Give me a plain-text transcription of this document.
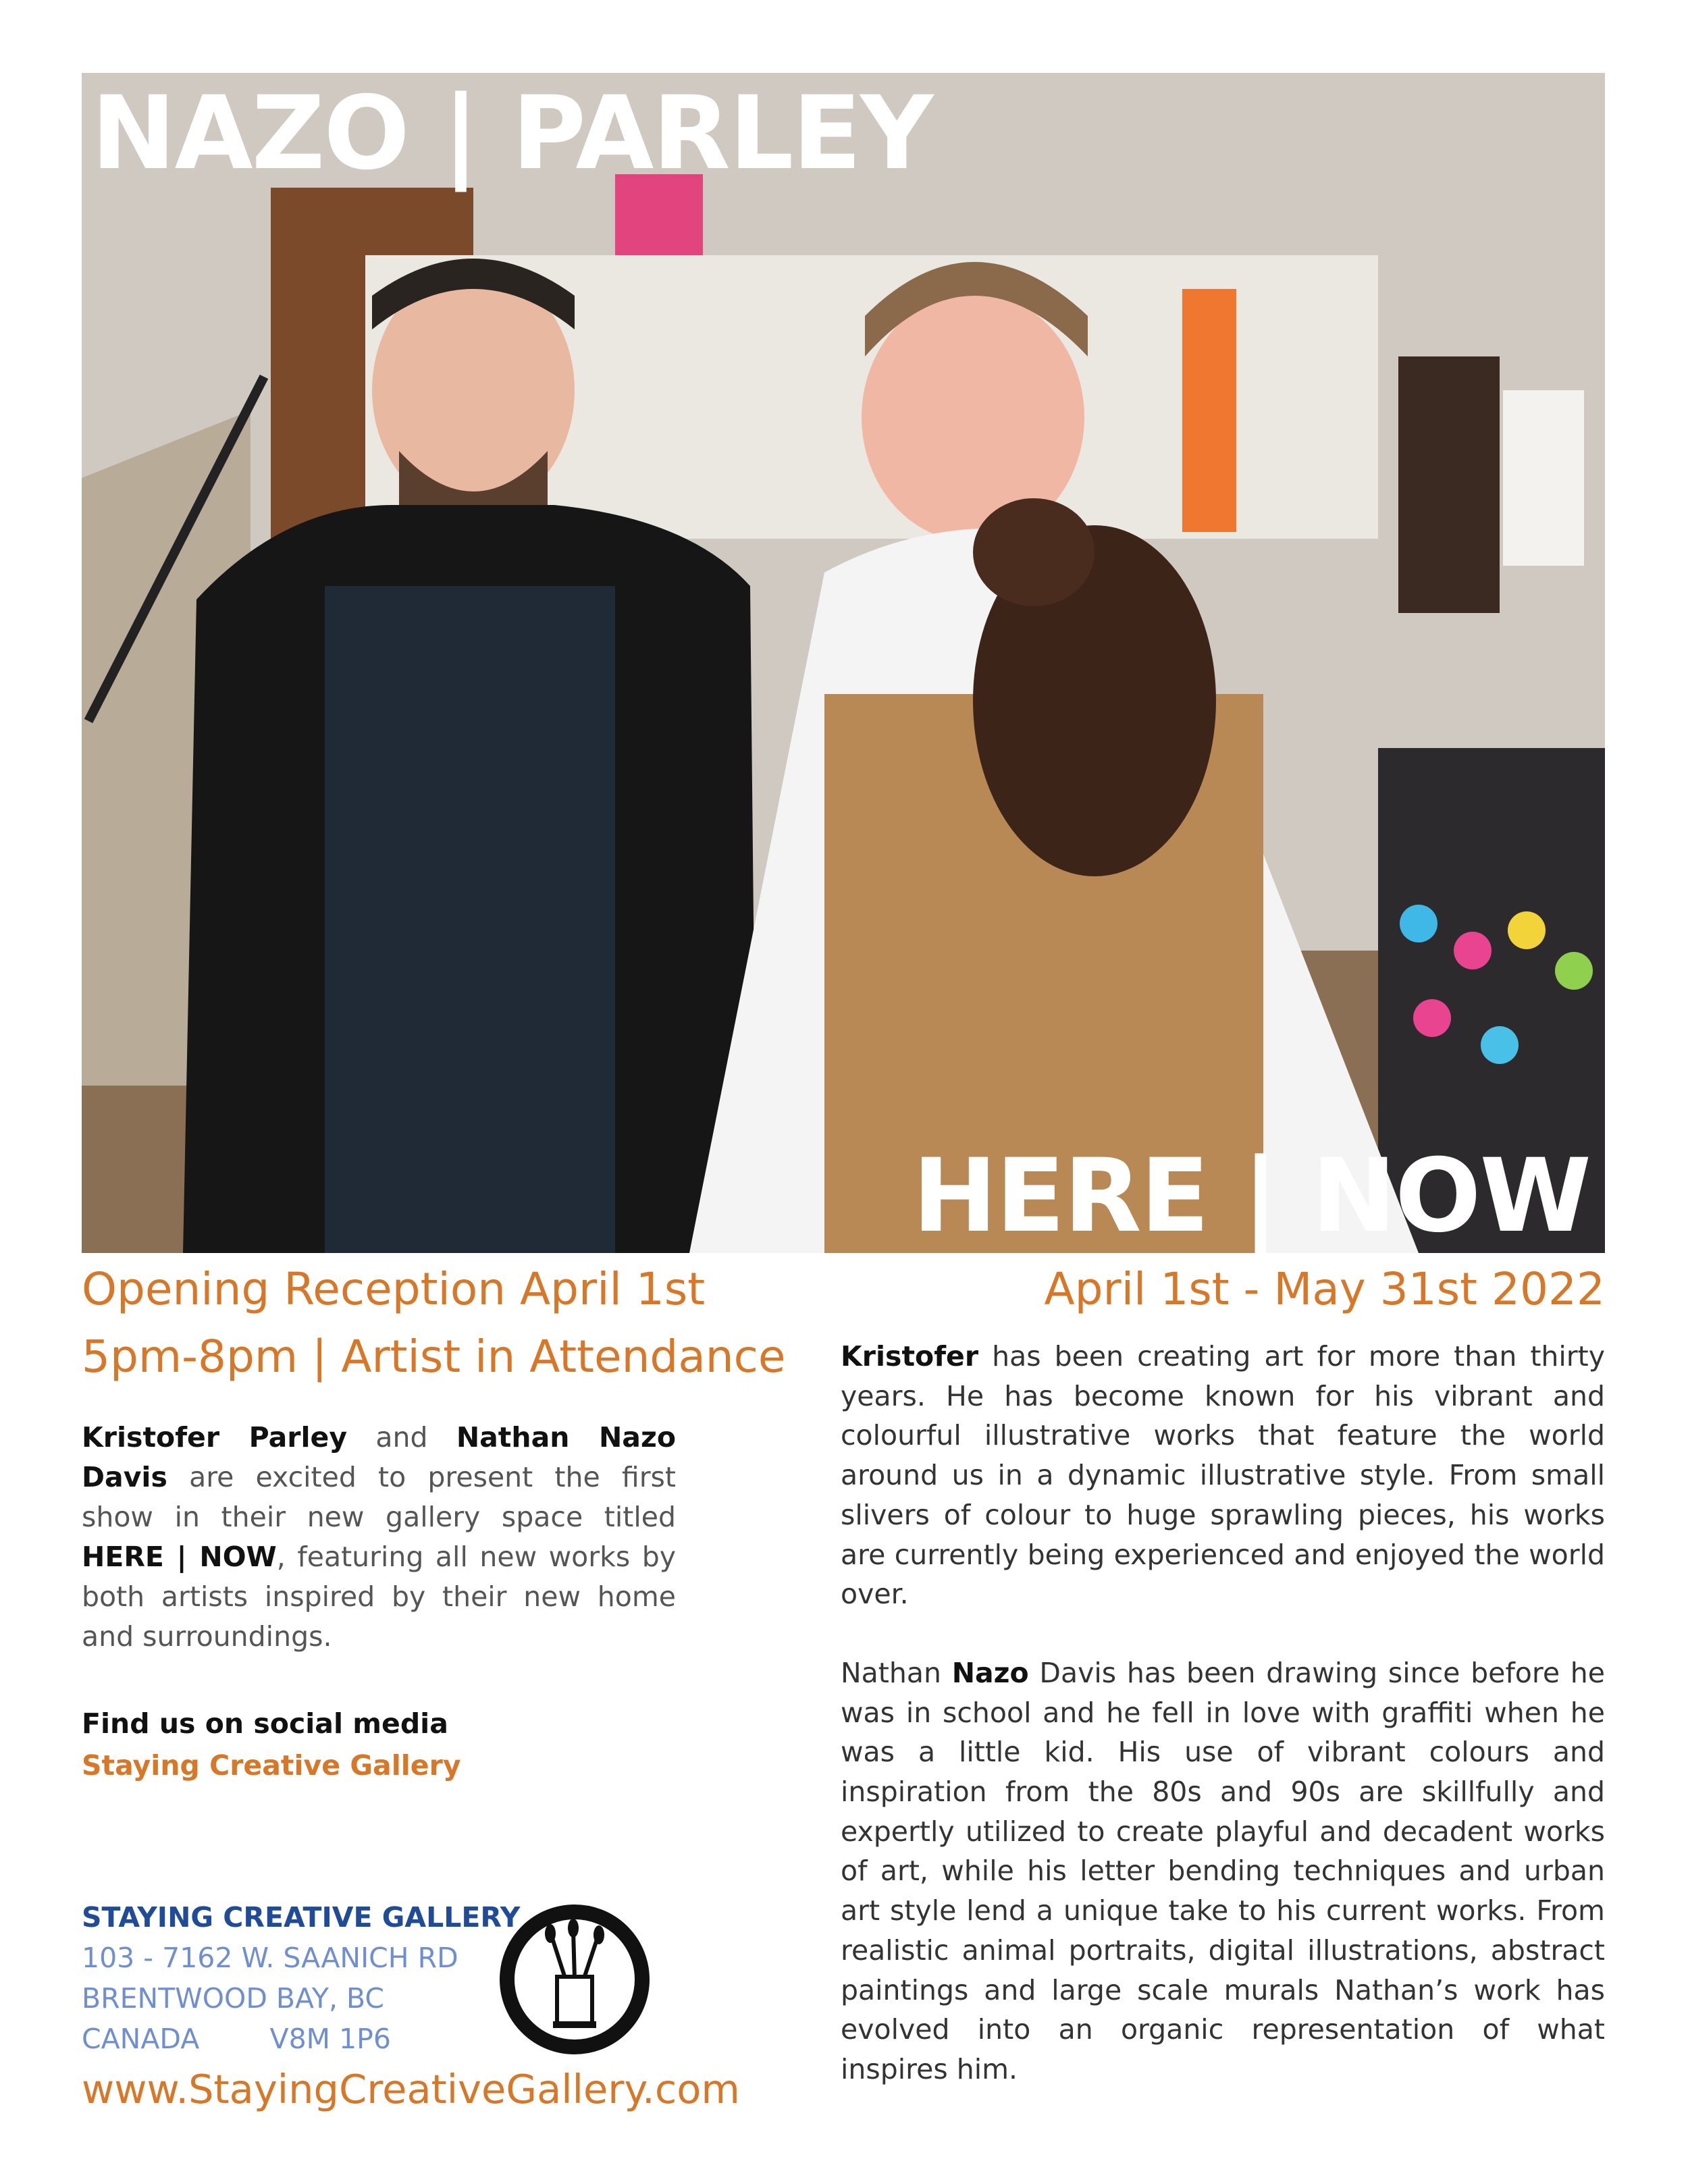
NAZO | PARLEY
HERE | NOW
Opening Reception April 1st
5pm-8pm | Artist in Attendance
April 1st - May 31st 2022
Kristofer Parley and Nathan Nazo Davis are excited to present the first show in their new gallery space titled HERE | NOW, featuring all new works by both artists inspired by their new home and surroundings.
Find us on social media
Staying Creative Gallery

Kristofer has been creating art for more than thirty years. He has become known for his vibrant and colourful illustrative works that feature the world around us in a dynamic illustrative style. From small slivers of colour to huge sprawling pieces, his works are currently being experienced and enjoyed the world over.

Nathan Nazo Davis has been drawing since before he was in school and he fell in love with graffiti when he was a little kid. His use of vibrant colours and inspiration from the 80s and 90s are skillfully and expertly utilized to create playful and decadent works of art, while his letter bending techniques and urban art style lend a unique take to his current works. From realistic animal portraits, digital illustrations, abstract paintings and large scale murals Nathan’s work has evolved into an organic representation of what inspires him.

STAYING CREATIVE GALLERY
103 - 7162 W. SAANICH RD
BRENTWOOD BAY, BC
CANADA        V8M 1P6
www.StayingCreativeGallery.com
